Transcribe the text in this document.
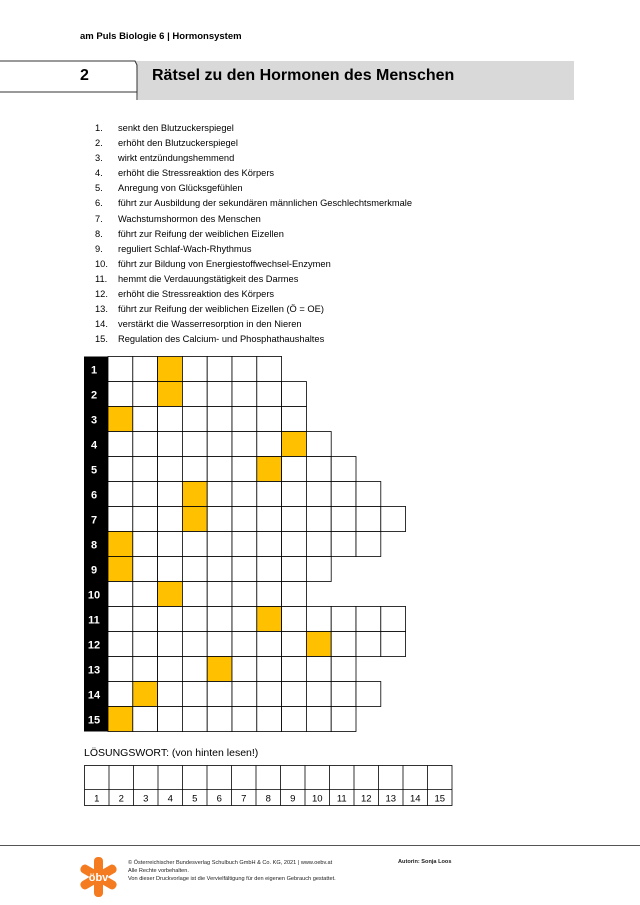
am Puls Biologie 6 | Hormonsystem
2	Rätsel zu den Hormonen des Menschen
1. senkt den Blutzuckerspiegel
2. erhöht den Blutzuckerspiegel
3. wirkt entzündungshemmend
4. erhöht die Stressreaktion des Körpers
5. Anregung von Glücksgefühlen
6. führt zur Ausbildung der sekundären männlichen Geschlechtsmerkmale
7. Wachstumshormon des Menschen
8. führt zur Reifung der weiblichen Eizellen
9. reguliert Schlaf-Wach-Rhythmus
10. führt zur Bildung von Energiestoffwechsel-Enzymen
11. hemmt die Verdauungstätigkeit des Darmes
12. erhöht die Stressreaktion des Körpers
13. führt zur Reifung der weiblichen Eizellen (Ö = OE)
14. verstärkt die Wasserresorption in den Nieren
15. Regulation des Calcium- und Phosphathaushaltes
1
2
3
4
5
6
7
8
9
10
11
12
13
14
15
LÖSUNGSWORT: (von hinten lesen!)
1 2 3 4 5 6 7 8 9 10 11 12 13 14 15
öbv
© Österreichischer Bundesverlag Schulbuch GmbH & Co. KG, 2021 | www.oebv.at
Alle Rechte vorbehalten.
Von dieser Druckvorlage ist die Vervielfältigung für den eigenen Gebrauch gestattet.
Autorin: Sonja Loos
